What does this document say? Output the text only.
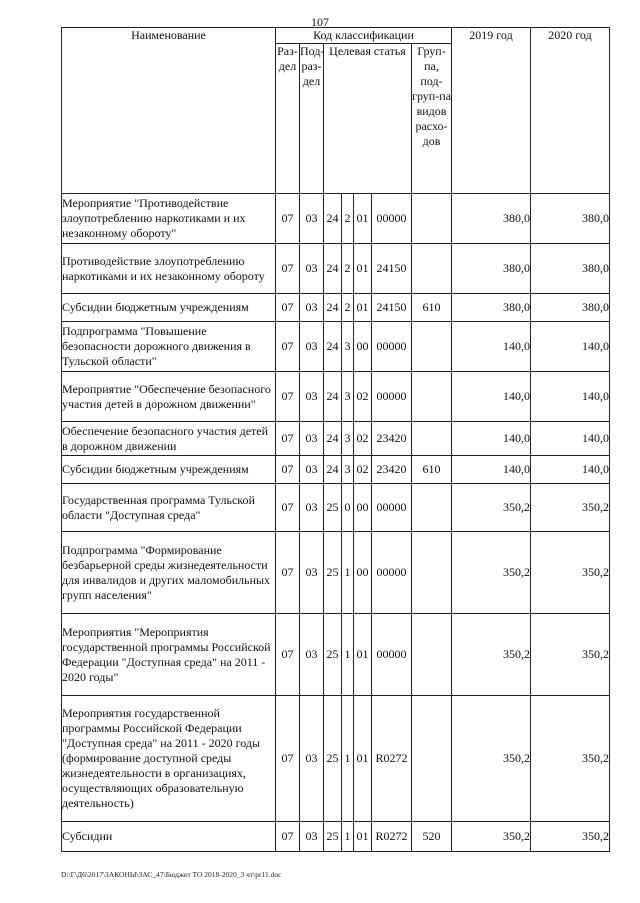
107
Наименование	Код классификации							2019 год	2020 год
	Раз-дел	Под-раз-дел	Целевая статья				Груп-па, под-груп-па видов расхо-дов		
Мероприятие "Противодействие злоупотреблению наркотиками и их незаконному обороту"	07	03	24	2	01	00000		380,0	380,0
Противодействие злоупотреблению наркотиками и их незаконному обороту	07	03	24	2	01	24150		380,0	380,0
Субсидии бюджетным учреждениям	07	03	24	2	01	24150	610	380,0	380,0
Подпрограмма "Повышение безопасности дорожного движения в Тульской области"	07	03	24	3	00	00000		140,0	140,0
Мероприятие "Обеспечение безопасного участия детей в дорожном движении"	07	03	24	3	02	00000		140,0	140,0
Обеспечение безопасного участия детей в дорожном движении	07	03	24	3	02	23420		140,0	140,0
Субсидии бюджетным учреждениям	07	03	24	3	02	23420	610	140,0	140,0
Государственная программа Тульской области "Доступная среда"	07	03	25	0	00	00000		350,2	350,2
Подпрограмма "Формирование безбарьерной среды жизнедеятельности для инвалидов и других маломобильных групп населения"	07	03	25	1	00	00000		350,2	350,2
Мероприятия "Мероприятия государственной программы Российской Федерации "Доступная среда" на 2011 - 2020 годы"	07	03	25	1	01	00000		350,2	350,2
Мероприятия государственной программы Российской Федерации "Доступная среда" на 2011 - 2020 годы (формирование доступной среды жизнедеятельности в организациях, осуществляющих образовательную деятельность)	07	03	25	1	01	R0272		350,2	350,2
Субсидии	07	03	25	1	01	R0272	520	350,2	350,2
D:\Г\Д6\2017\ЗАКОНЫ\ЗАС_47\Бюджет ТО 2018-2020_3 чт\pr11.doc
